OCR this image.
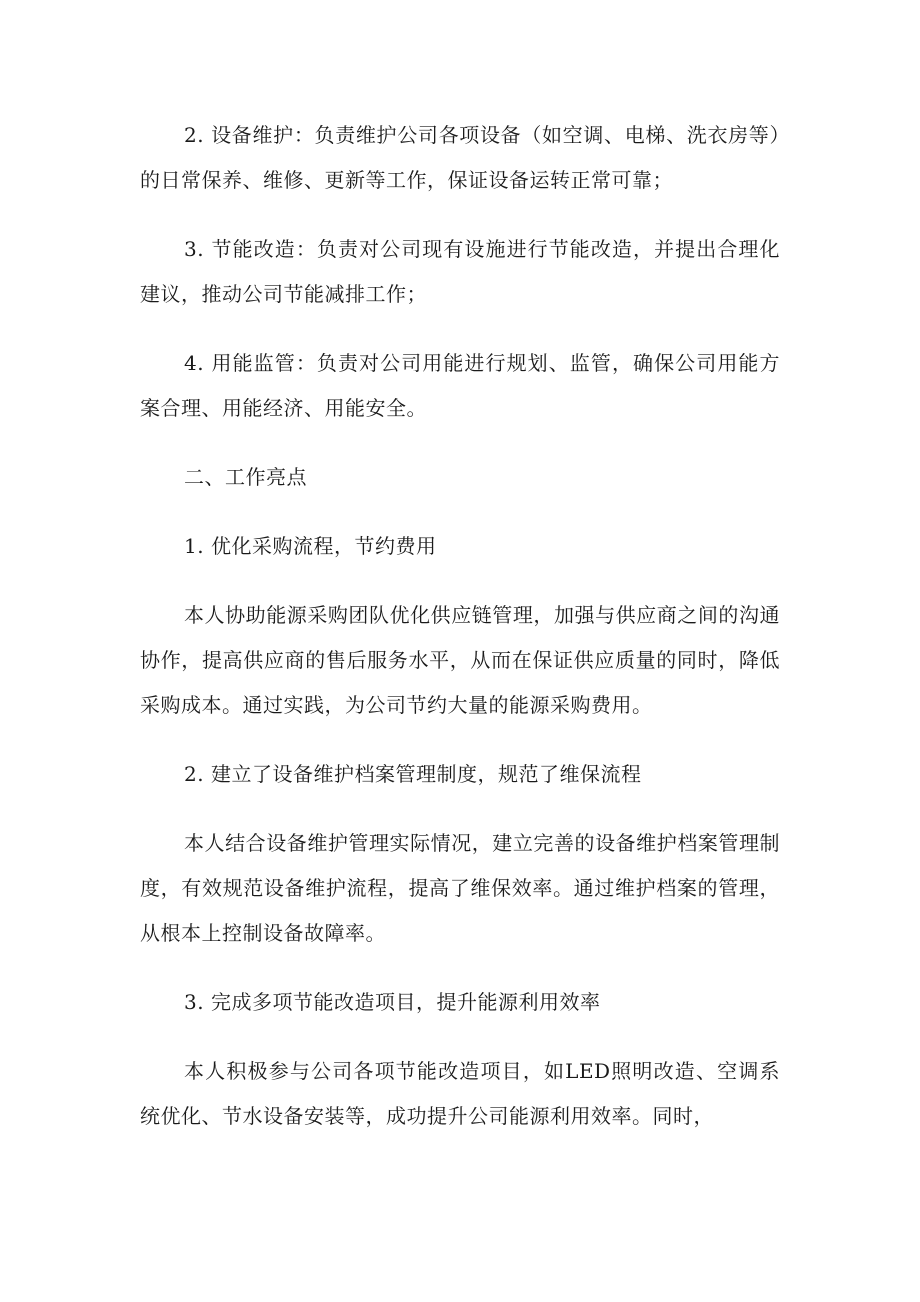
2. 设备维护：负责维护公司各项设备（如空调、电梯、洗衣房等）的日常保养、维修、更新等工作，保证设备运转正常可靠；

3. 节能改造：负责对公司现有设施进行节能改造，并提出合理化建议，推动公司节能减排工作；

4. 用能监管：负责对公司用能进行规划、监管，确保公司用能方案合理、用能经济、用能安全。

二、工作亮点

1. 优化采购流程，节约费用

本人协助能源采购团队优化供应链管理，加强与供应商之间的沟通协作，提高供应商的售后服务水平，从而在保证供应质量的同时，降低采购成本。通过实践，为公司节约大量的能源采购费用。

2. 建立了设备维护档案管理制度，规范了维保流程

本人结合设备维护管理实际情况，建立完善的设备维护档案管理制度，有效规范设备维护流程，提高了维保效率。通过维护档案的管理，从根本上控制设备故障率。

3. 完成多项节能改造项目，提升能源利用效率

本人积极参与公司各项节能改造项目，如LED照明改造、空调系统优化、节水设备安装等，成功提升公司能源利用效率。同时，
